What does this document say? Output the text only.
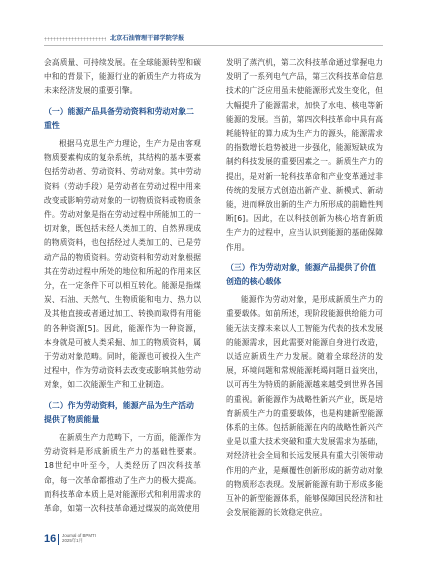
北京石油管理干部学院学报

会高质量、可持续发展。在全球能源转型和碳中和的背景下，能源行业的新质生产力将成为未来经济发展的重要引擎。

（一）能源产品具备劳动资料和劳动对象二重性

根据马克思生产力理论，生产力是由客观物质要素构成的复杂系统，其结构的基本要素包括劳动者、劳动资料、劳动对象。其中劳动资料（劳动手段）是劳动者在劳动过程中用来改变或影响劳动对象的一切物质资料或物质条件。劳动对象是指在劳动过程中所能加工的一切对象，既包括未经人类加工的、自然界现成的物质资料，也包括经过人类加工的、已是劳动产品的物质资料。劳动资料和劳动对象根据其在劳动过程中所处的地位和所起的作用来区分，在一定条件下可以相互转化。能源是指煤炭、石油、天然气、生物质能和电力、热力以及其他直接或者通过加工、转换而取得有用能的各种资源[5]。因此，能源作为一种资源，本身就是可被人类采掘、加工的物质资料，属于劳动对象范畴。同时，能源也可被投入生产过程中，作为劳动资料去改变或影响其他劳动对象，如二次能源生产和工业制造。

（二）作为劳动资料，能源产品为生产活动提供了物质能量

在新质生产力范畴下，一方面，能源作为劳动资料是形成新质生产力的基础性要素。18世纪中叶至今，人类经历了四次科技革命，每一次革命都推动了生产力的极大提高。而科技革命本质上是对能源形式和利用需求的革命，如第一次科技革命通过煤炭的高效使用

发明了蒸汽机，第二次科技革命通过掌握电力发明了一系列电气产品，第三次科技革命信息技术的广泛应用虽未使能源形式发生变化，但大幅提升了能源需求，加快了水电、核电等新能源的发展。当前，第四次科技革命中具有高耗能特征的算力成为生产力的源头，能源需求的指数增长趋势被进一步强化，能源短缺成为制约科技发展的重要因素之一。新质生产力的提出，是对新一轮科技革命和产业变革通过非传统的发展方式创造出新产业、新模式、新动能，进而释放出新的生产力所形成的前瞻性判断[6]。因此，在以科技创新为核心培育新质生产力的过程中，应当认识到能源的基础保障作用。

（三）作为劳动对象，能源产品提供了价值创造的核心载体

能源作为劳动对象，是形成新质生产力的重要载体。如前所述，现阶段能源供给能力可能无法支撑未来以人工智能为代表的技术发展的能源需求，因此需要对能源自身进行改造，以适应新质生产力发展。随着全球经济的发展，环境问题和常规能源耗竭问题日益突出，以可再生为特质的新能源越来越受到世界各国的重视。新能源作为战略性新兴产业，既是培育新质生产力的重要载体，也是构建新型能源体系的主体。包括新能源在内的战略性新兴产业是以重大技术突破和重大发展需求为基础，对经济社会全局和长远发展具有重大引领带动作用的产业，是颠覆性创新形成的新劳动对象的物质形态表现。发展新能源有助于形成多能互补的新型能源体系，能够保障国民经济和社会发展能源的长效稳定供应。

16 Journal of BPMTI
2025年1月
